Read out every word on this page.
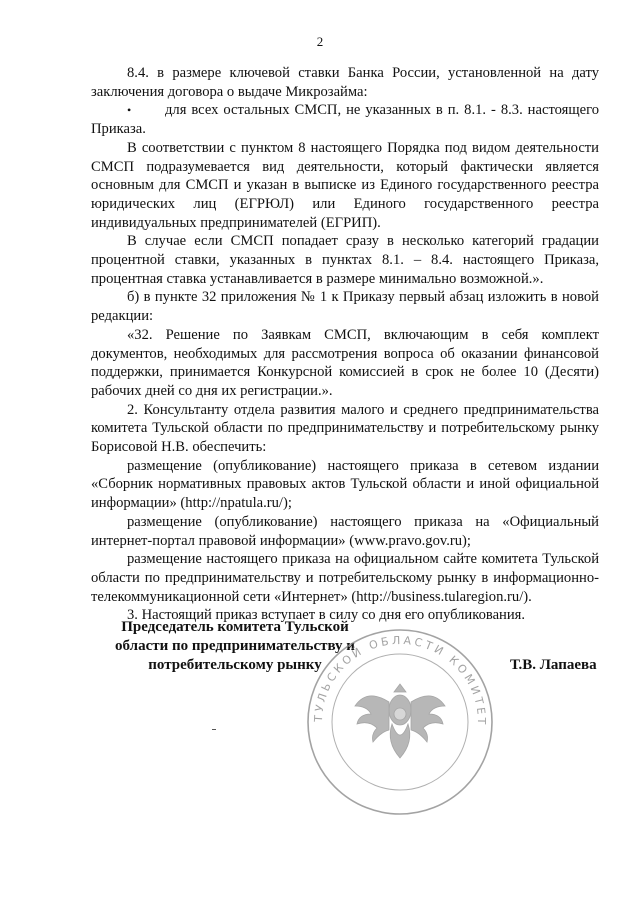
2

8.4. в размере ключевой ставки Банка России, установленной на дату заключения договора о выдаче Микрозайма:

•	для всех остальных СМСП, не указанных в п. 8.1. - 8.3. настоящего Приказа.

В соответствии с пунктом 8 настоящего Порядка под видом деятельности СМСП подразумевается вид деятельности, который фактически является основным для СМСП и указан в выписке из Единого государственного реестра юридических лиц (ЕГРЮЛ) или Единого государственного реестра индивидуальных предпринимателей (ЕГРИП).

В случае если СМСП попадает сразу в несколько категорий градации процентной ставки, указанных в пунктах 8.1. – 8.4. настоящего Приказа, процентная ставка устанавливается в размере минимально возможной.».

б) в пункте 32 приложения № 1 к Приказу первый абзац изложить в новой редакции:

«32. Решение по Заявкам СМСП, включающим в себя комплект документов, необходимых для рассмотрения вопроса об оказании финансовой поддержки, принимается Конкурсной комиссией в срок не более 10 (Десяти) рабочих дней со дня их регистрации.».

2. Консультанту отдела развития малого и среднего предпринимательства комитета Тульской области по предпринимательству и потребительскому рынку Борисовой Н.В. обеспечить:

размещение (опубликование) настоящего приказа в сетевом издании «Сборник нормативных правовых актов Тульской области и иной официальной информации» (http://npatula.ru/);

размещение (опубликование) настоящего приказа на «Официальный интернет-портал правовой информации» (www.pravo.gov.ru);

размещение настоящего приказа на официальном сайте комитета Тульской области по предпринимательству и потребительскому рынку в информационно-телекоммуникационной сети «Интернет» (http://business.tularegion.ru/).

3. Настоящий приказ вступает в силу со дня его опубликования.

Председатель комитета Тульской
области по предпринимательству и
потребительскому рынку	Т.В. Лапаева
ТУЛЬСКОЙ ОБЛАСТИ КОМИТЕТ
